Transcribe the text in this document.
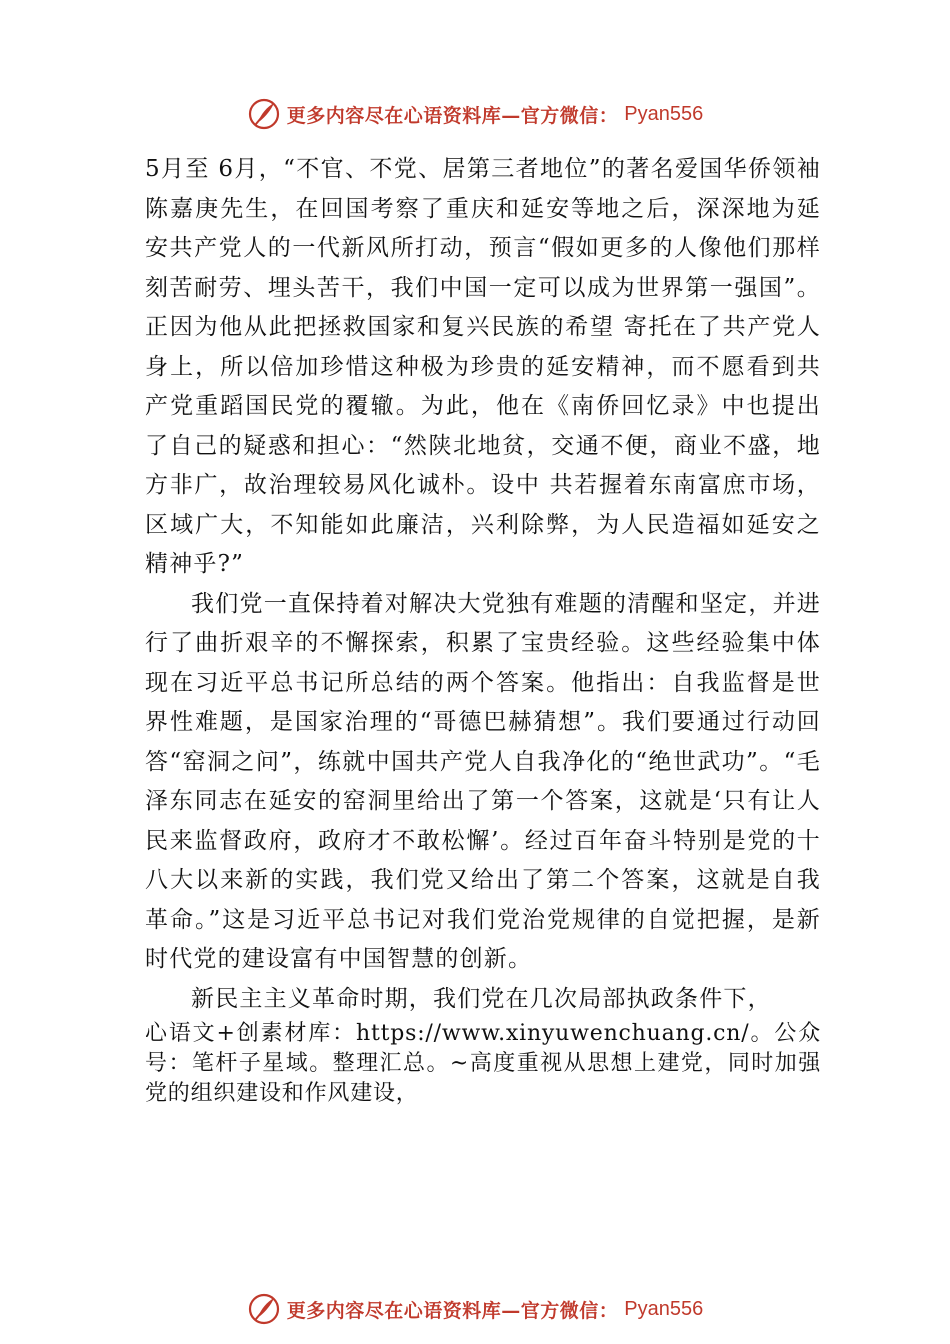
更多内容尽在心语资料库—官方微信： Pyan556

5月至 6月，“不官、不党、居第三者地位”的著名爱国华侨领袖陈嘉庚先生，在回国考察了重庆和延安等地之后，深深地为延安共产党人的一代新风所打动，预言“假如更多的人像他们那样刻苦耐劳、埋头苦干，我们中国一定可以成为世界第一强国”。正因为他从此把拯救国家和复兴民族的希望 寄托在了共产党人身上，所以倍加珍惜这种极为珍贵的延安精神，而不愿看到共产党重蹈国民党的覆辙。为此，他在《南侨回忆录》中也提出了自己的疑惑和担心：“然陕北地贫，交通不便，商业不盛，地方非广，故治理较易风化诚朴。设中 共若握着东南富庶市场，区域广大，不知能如此廉洁，兴利除弊，为人民造福如延安之精神乎?”

我们党一直保持着对解决大党独有难题的清醒和坚定，并进行了曲折艰辛的不懈探索，积累了宝贵经验。这些经验集中体现在习近平总书记所总结的两个答案。他指出：自我监督是世界性难题，是国家治理的“哥德巴赫猜想”。我们要通过行动回答“窑洞之问”，练就中国共产党人自我净化的“绝世武功”。“毛泽东同志在延安的窑洞里给出了第一个答案，这就是‘只有让人民来监督政府，政府才不敢松懈’。经过百年奋斗特别是党的十八大以来新的实践，我们党又给出了第二个答案，这就是自我革命。”这是习近平总书记对我们党治党规律的自觉把握，是新时代党的建设富有中国智慧的创新。

新民主主义革命时期，我们党在几次局部执政条件下，

心语文+创素材库：https://www.xinyuwenchuang.cn/。公众号：笔杆子星域。整理汇总。~高度重视从思想上建党，同时加强党的组织建设和作风建设，

更多内容尽在心语资料库—官方微信： Pyan556
